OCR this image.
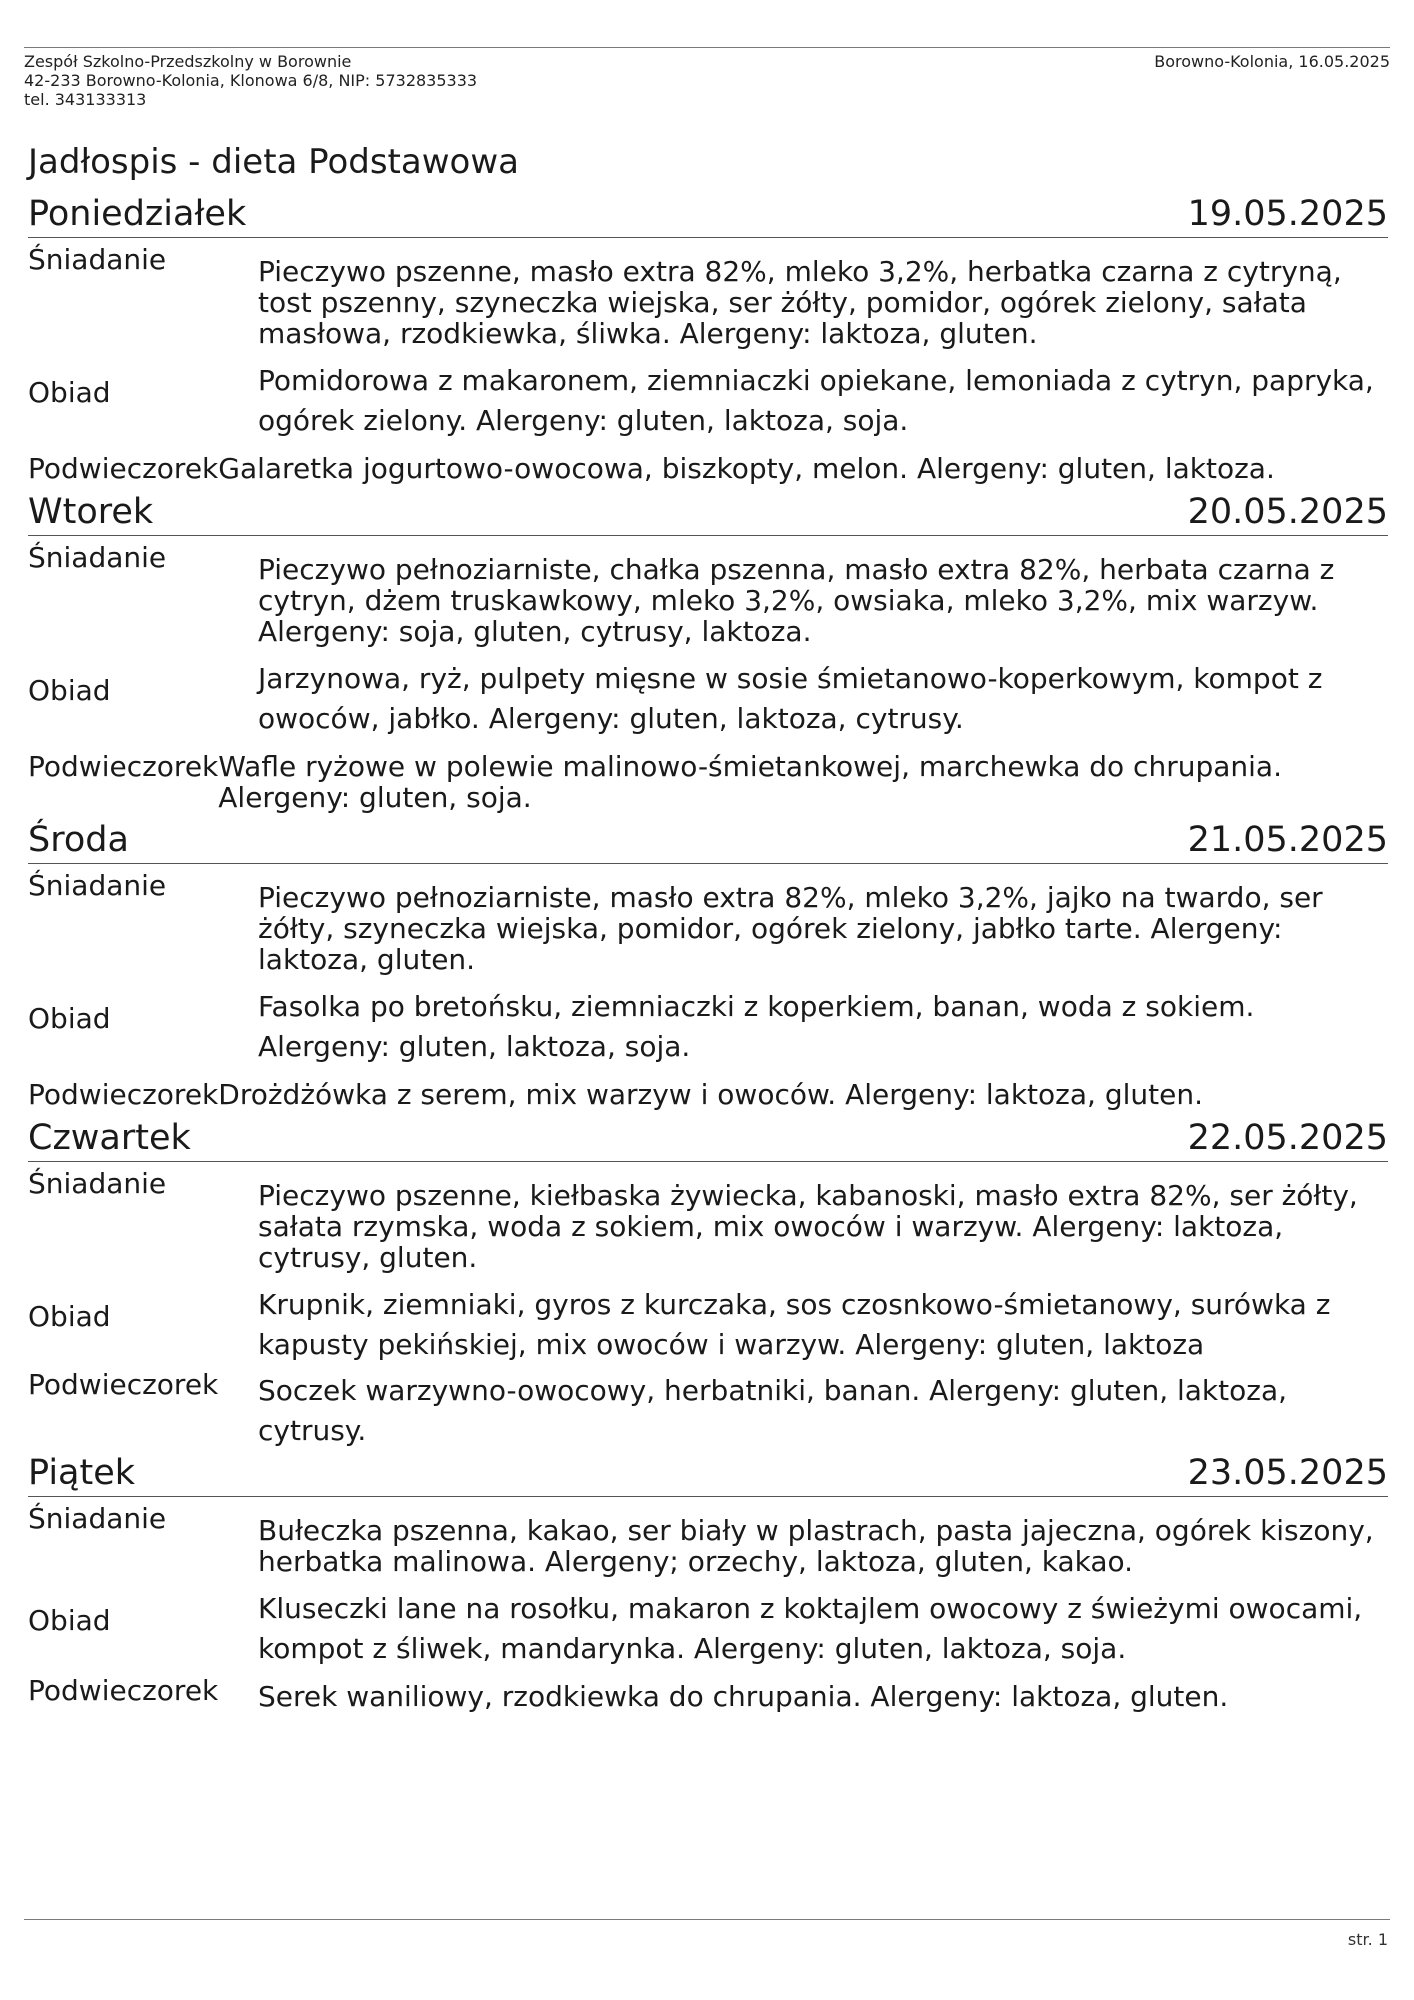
Zespół Szkolno-Przedszkolny w Borownie
42-233 Borowno-Kolonia, Klonowa 6/8, NIP: 5732835333
tel. 343133313
Borowno-Kolonia, 16.05.2025
Jadłospis - dieta Podstawowa
Poniedziałek	19.05.2025
Śniadanie	Pieczywo pszenne, masło extra 82%, mleko 3,2%, herbatka czarna z cytryną, tost pszenny, szyneczka wiejska, ser żółty, pomidor, ogórek zielony, sałata masłowa, rzodkiewka, śliwka. Alergeny: laktoza, gluten.
Obiad	Pomidorowa z makaronem, ziemniaczki opiekane, lemoniada z cytryn, papryka, ogórek zielony. Alergeny: gluten, laktoza, soja.
Podwieczorek Galaretka jogurtowo-owocowa, biszkopty, melon. Alergeny: gluten, laktoza.
Wtorek	20.05.2025
Śniadanie	Pieczywo pełnoziarniste, chałka pszenna, masło extra 82%, herbata czarna z cytryn, dżem truskawkowy, mleko 3,2%, owsiaka, mleko 3,2%, mix warzyw. Alergeny: soja, gluten, cytrusy, laktoza.
Obiad	Jarzynowa, ryż, pulpety mięsne w sosie śmietanowo-koperkowym, kompot z owoców, jabłko. Alergeny: gluten, laktoza, cytrusy.
Podwieczorek Wafle ryżowe w polewie malinowo-śmietankowej, marchewka do chrupania. Alergeny: gluten, soja.
Środa	21.05.2025
Śniadanie	Pieczywo pełnoziarniste, masło extra 82%, mleko 3,2%, jajko na twardo, ser żółty, szyneczka wiejska, pomidor, ogórek zielony, jabłko tarte. Alergeny: laktoza, gluten.
Obiad	Fasolka po bretońsku, ziemniaczki z koperkiem, banan, woda z sokiem. Alergeny: gluten, laktoza, soja.
Podwieczorek Drożdżówka z serem, mix warzyw i owoców. Alergeny: laktoza, gluten.
Czwartek	22.05.2025
Śniadanie	Pieczywo pszenne, kiełbaska żywiecka, kabanoski, masło extra 82%, ser żółty, sałata rzymska, woda z sokiem, mix owoców i warzyw. Alergeny: laktoza, cytrusy, gluten.
Obiad	Krupnik, ziemniaki, gyros z kurczaka, sos czosnkowo-śmietanowy, surówka z kapusty pekińskiej, mix owoców i warzyw. Alergeny: gluten, laktoza
Podwieczorek	Soczek warzywno-owocowy, herbatniki, banan. Alergeny: gluten, laktoza, cytrusy.
Piątek	23.05.2025
Śniadanie	Bułeczka pszenna, kakao, ser biały w plastrach, pasta jajeczna, ogórek kiszony, herbatka malinowa. Alergeny; orzechy, laktoza, gluten, kakao.
Obiad	Kluseczki lane na rosołku, makaron z koktajlem owocowy z świeżymi owocami, kompot z śliwek, mandarynka. Alergeny: gluten, laktoza, soja.
Podwieczorek	Serek waniliowy, rzodkiewka do chrupania. Alergeny: laktoza, gluten.
str. 1
